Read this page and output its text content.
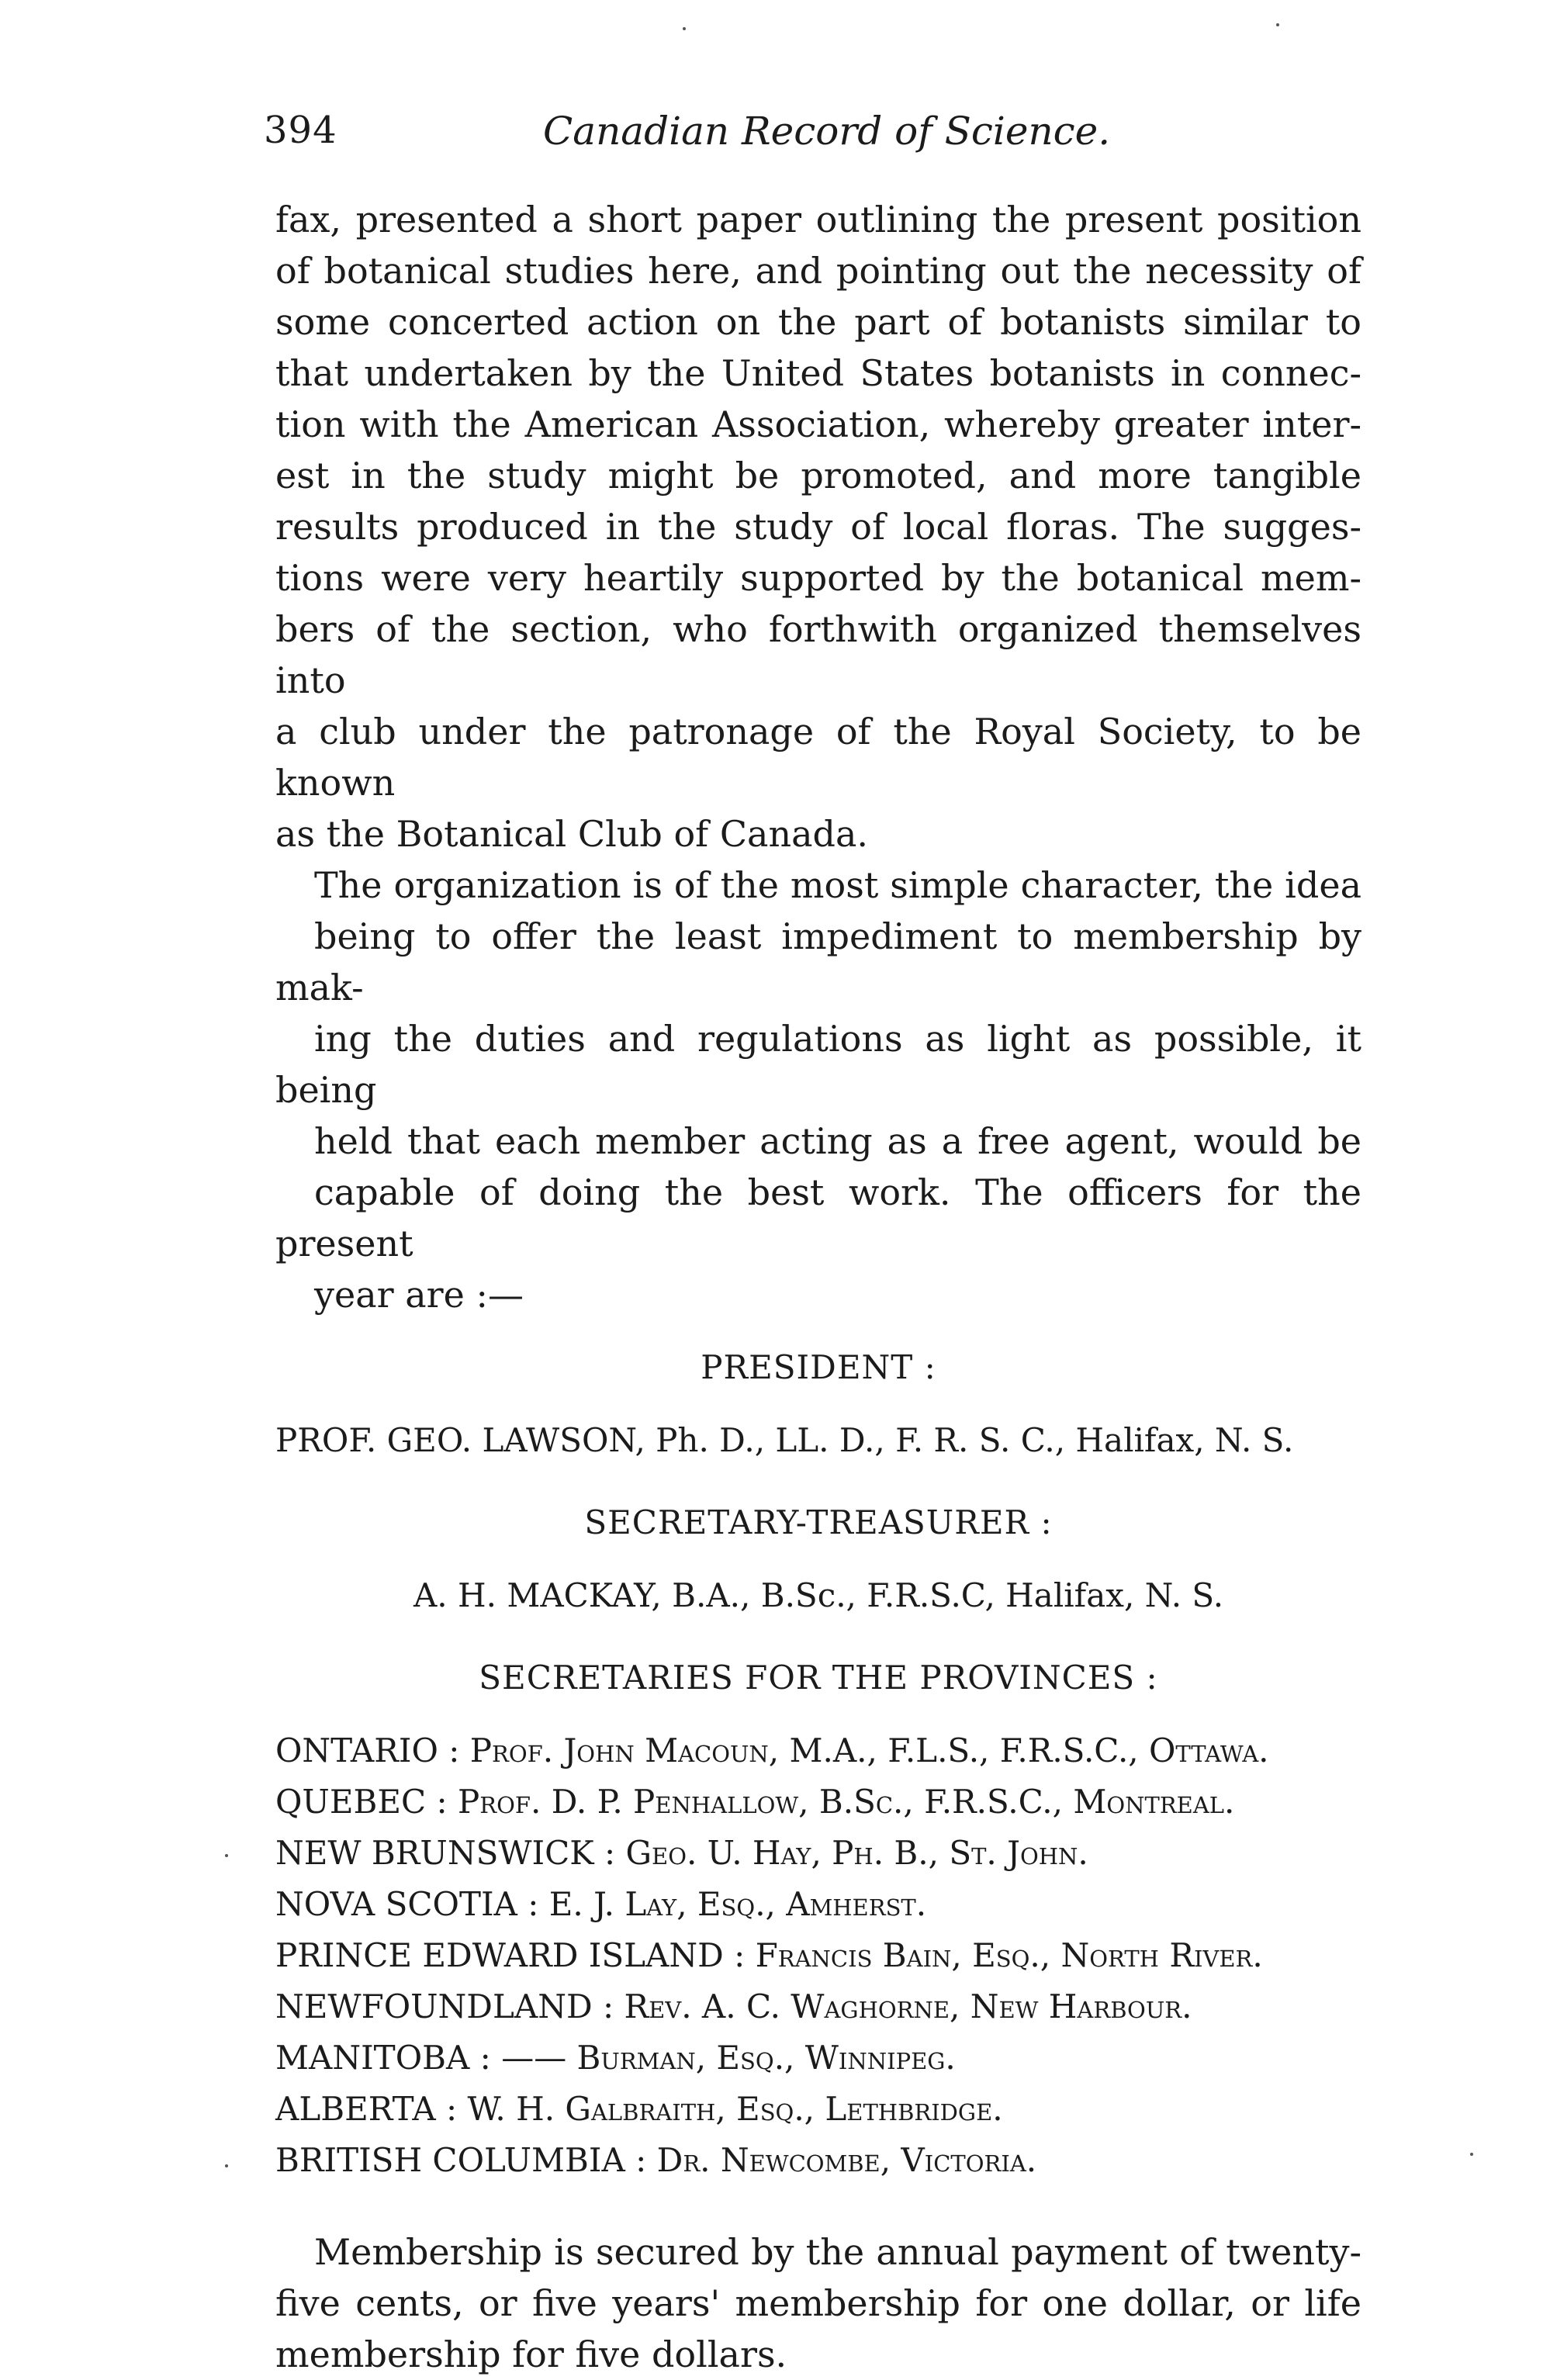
394	Canadian Record of Science.

fax, presented a short paper outlining the present position
of botanical studies here, and pointing out the necessity of
some concerted action on the part of botanists similar to
that undertaken by the United States botanists in connec-
tion with the American Association, whereby greater inter-
est in the study might be promoted, and more tangible
results produced in the study of local floras. The sugges-
tions were very heartily supported by the botanical mem-
bers of the section, who forthwith organized themselves into
a club under the patronage of the Royal Society, to be known
as the Botanical Club of Canada.

The organization is of the most simple character, the idea
being to offer the least impediment to membership by mak-
ing the duties and regulations as light as possible, it being
held that each member acting as a free agent, would be
capable of doing the best work. The officers for the present
year are :—

PRESIDENT :
PROF. GEO. LAWSON, Ph. D., LL. D., F. R. S. C., Halifax, N. S.
SECRETARY-TREASURER :
A. H. MACKAY, B.A., B.Sc., F.R.S.C, Halifax, N. S.
SECRETARIES FOR THE PROVINCES :
ONTARIO : Prof. John Macoun, M.A., F.L.S., F.R.S.C., Ottawa.
QUEBEC : Prof. D. P. Penhallow, B.Sc., F.R.S.C., Montreal.
NEW BRUNSWICK : Geo. U. Hay, Ph. B., St. John.
NOVA SCOTIA : E. J. Lay, Esq., Amherst.
PRINCE EDWARD ISLAND : Francis Bain, Esq., North River.
NEWFOUNDLAND : Rev. A. C. Waghorne, New Harbour.
MANITOBA : —— Burman, Esq., Winnipeg.
ALBERTA : W. H. Galbraith, Esq., Lethbridge.
BRITISH COLUMBIA : Dr. Newcombe, Victoria.

Membership is secured by the annual payment of twenty-
five cents, or five years' membership for one dollar, or life
membership for five dollars.
